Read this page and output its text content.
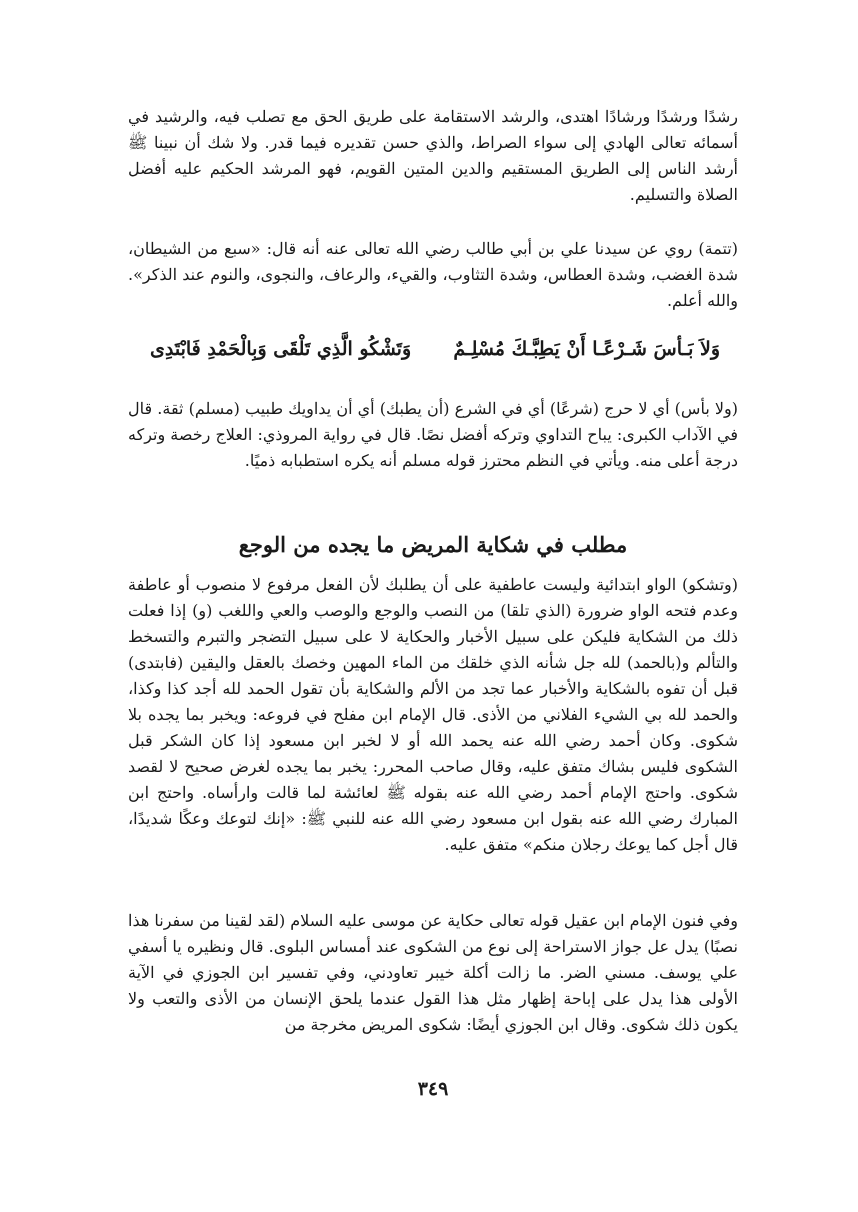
رشدًا ورشدًا ورشادًا اهتدى، والرشد الاستقامة على طريق الحق مع تصلب فيه، والرشيد في أسمائه تعالى الهادي إلى سواء الصراط، والذي حسن تقديره فيما قدر. ولا شك أن نبينا ﷺ أرشد الناس إلى الطريق المستقيم والدين المتين القويم، فهو المرشد الحكيم عليه أفضل الصلاة والتسليم.
(تتمة) روي عن سيدنا علي بن أبي طالب رضي الله تعالى عنه أنه قال: «سبع من الشيطان، شدة الغضب، وشدة العطاس، وشدة التثاوب، والقيء، والرعاف، والنجوى، والنوم عند الذكر». والله أعلم.
وَلاَ بَـأسَ شَـرْعًـا أَنْ يَطِبَّـكَ مُسْلِـمٌ
وَتَشْكُو الَّذِي تَلْقَى وَبِالْحَمْدِ فَابْتَدِى
(ولا بأس) أي لا حرج (شرعًا) أي في الشرع (أن يطبك) أي أن يداويك طبيب (مسلم) ثقة. قال في الآداب الكبرى: يباح التداوي وتركه أفضل نصًا. قال في رواية المروذي: العلاج رخصة وتركه درجة أعلى منه. ويأتي في النظم محترز قوله مسلم أنه يكره استطبابه ذميًا.
مطلب في شكاية المريض ما يجده من الوجع
(وتشكو) الواو ابتدائية وليست عاطفية على أن يطلبك لأن الفعل مرفوع لا منصوب أو عاطفة وعدم فتحه الواو ضرورة (الذي تلقا) من النصب والوجع والوصب والعي واللغب (و) إذا فعلت ذلك من الشكاية فليكن على سبيل الأخبار والحكاية لا على سبيل التضجر والتبرم والتسخط والتألم و(بالحمد) لله جل شأنه الذي خلقك من الماء المهين وخصك بالعقل واليقين (فابتدى) قبل أن تفوه بالشكاية والأخبار عما تجد من الألم والشكاية بأن تقول الحمد لله أجد كذا وكذا، والحمد لله بي الشيء الفلاني من الأذى. قال الإمام ابن مفلح في فروعه: ويخبر بما يجده بلا شكوى. وكان أحمد رضي الله عنه يحمد الله أو لا لخبر ابن مسعود إذا كان الشكر قبل الشكوى فليس بشاك متفق عليه، وقال صاحب المحرر: يخبر بما يجده لغرض صحيح لا لقصد شكوى. واحتج الإمام أحمد رضي الله عنه بقوله ﷺ لعائشة لما قالت وارأساه. واحتج ابن المبارك رضي الله عنه بقول ابن مسعود رضي الله عنه للنبي ﷺ: «إنك لتوعك وعكًا شديدًا، قال أجل كما يوعك رجلان منكم» متفق عليه.
وفي فنون الإمام ابن عقيل قوله تعالى حكاية عن موسى عليه السلام (لقد لقينا من سفرنا هذا نصبًا) يدل عل جواز الاستراحة إلى نوع من الشكوى عند أمساس البلوى. قال ونظيره يا أسفي علي يوسف. مسني الضر. ما زالت أكلة خيبر تعاودني، وفي تفسير ابن الجوزي في الآية الأولى هذا يدل على إباحة إظهار مثل هذا القول عندما يلحق الإنسان من الأذى والتعب ولا يكون ذلك شكوى. وقال ابن الجوزي أيضًا: شكوى المريض مخرجة من
٣٤٩
